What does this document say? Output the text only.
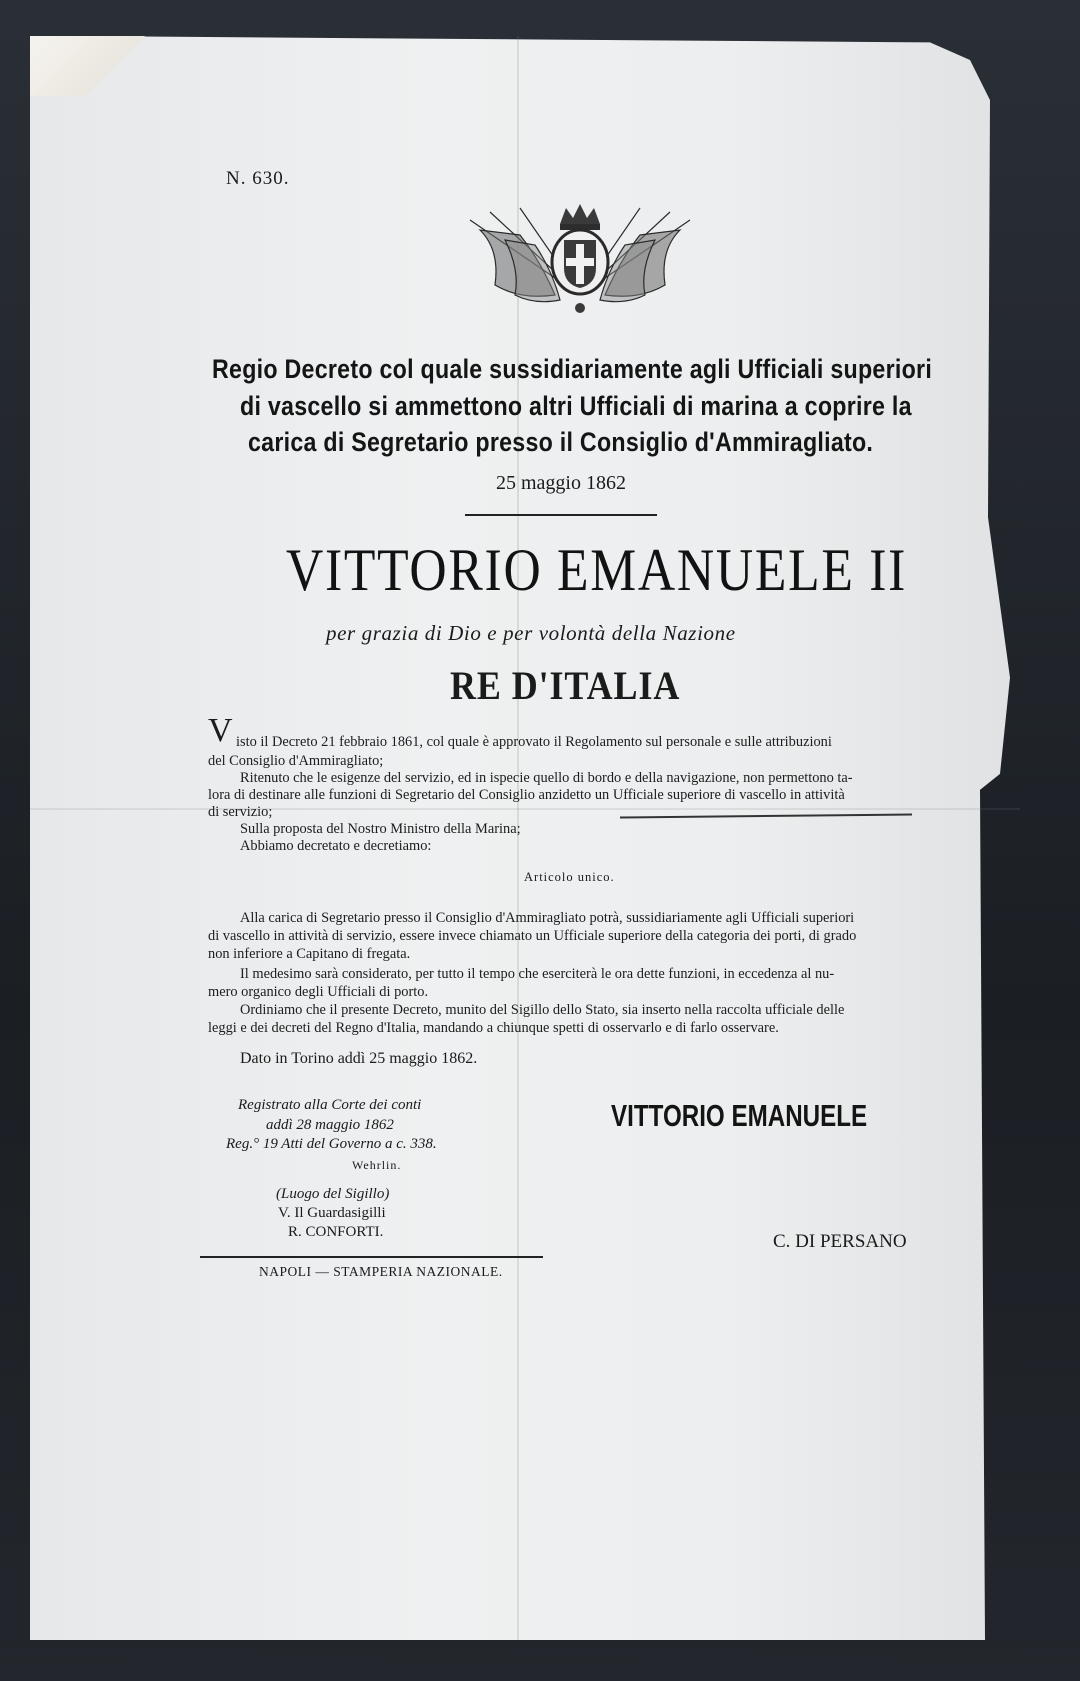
N. 630.
Regio Decreto col quale sussidiariamente agli Ufficiali superiori
di vascello si ammettono altri Ufficiali di marina a coprire la
carica di Segretario presso il Consiglio d'Ammiragliato.
25 maggio 1862
VITTORIO EMANUELE II
per grazia di Dio e per volontà della Nazione
RE D'ITALIA
V isto il Decreto 21 febbraio 1861, col quale è approvato il Regolamento sul personale e sulle attribuzioni
del Consiglio d'Ammiragliato;
Ritenuto che le esigenze del servizio, ed in ispecie quello di bordo e della navigazione, non permettono ta-
lora di destinare alle funzioni di Segretario del Consiglio anzidetto un Ufficiale superiore di vascello in attività
di servizio;
Sulla proposta del Nostro Ministro della Marina;
Abbiamo decretato e decretiamo:
Articolo unico.
Alla carica di Segretario presso il Consiglio d'Ammiragliato potrà, sussidiariamente agli Ufficiali superiori
di vascello in attività di servizio, essere invece chiamato un Ufficiale superiore della categoria dei porti, di grado
non inferiore a Capitano di fregata.
Il medesimo sarà considerato, per tutto il tempo che eserciterà le ora dette funzioni, in eccedenza al nu-
mero organico degli Ufficiali di porto.
Ordiniamo che il presente Decreto, munito del Sigillo dello Stato, sia inserto nella raccolta ufficiale delle
leggi e dei decreti del Regno d'Italia, mandando a chiunque spetti di osservarlo e di farlo osservare.
Dato in Torino addì 25 maggio 1862.
Registrato alla Corte dei conti
addì 28 maggio 1862
Reg.° 19 Atti del Governo a c. 338.
Wehrlin.
(Luogo del Sigillo)
V. Il Guardasigilli
R. CONFORTI.
VITTORIO EMANUELE
C. DI PERSANO
NAPOLI — STAMPERIA NAZIONALE.
